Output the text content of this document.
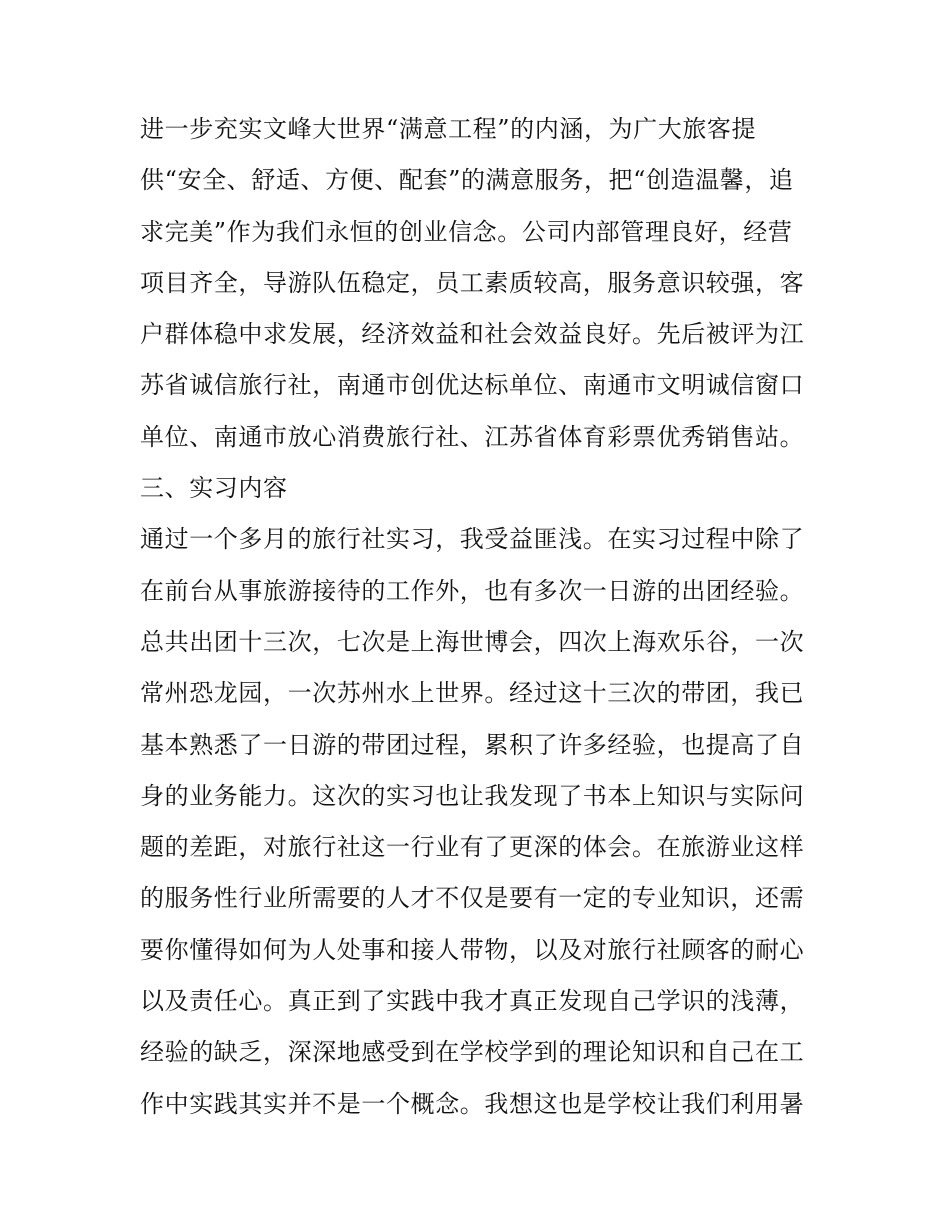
进一步充实文峰大世界“满意工程”的内涵，为广大旅客提
供“安全、舒适、方便、配套”的满意服务，把“创造温馨，追
求完美”作为我们永恒的创业信念。公司内部管理良好，经营
项目齐全，导游队伍稳定，员工素质较高，服务意识较强，客
户群体稳中求发展，经济效益和社会效益良好。先后被评为江
苏省诚信旅行社，南通市创优达标单位、南通市文明诚信窗口
单位、南通市放心消费旅行社、江苏省体育彩票优秀销售站。
三、实习内容
通过一个多月的旅行社实习，我受益匪浅。在实习过程中除了
在前台从事旅游接待的工作外，也有多次一日游的出团经验。
总共出团十三次，七次是上海世博会，四次上海欢乐谷，一次
常州恐龙园，一次苏州水上世界。经过这十三次的带团，我已
基本熟悉了一日游的带团过程，累积了许多经验，也提高了自
身的业务能力。这次的实习也让我发现了书本上知识与实际问
题的差距，对旅行社这一行业有了更深的体会。在旅游业这样
的服务性行业所需要的人才不仅是要有一定的专业知识，还需
要你懂得如何为人处事和接人带物，以及对旅行社顾客的耐心
以及责任心。真正到了实践中我才真正发现自己学识的浅薄，
经验的缺乏，深深地感受到在学校学到的理论知识和自己在工
作中实践其实并不是一个概念。我想这也是学校让我们利用暑
